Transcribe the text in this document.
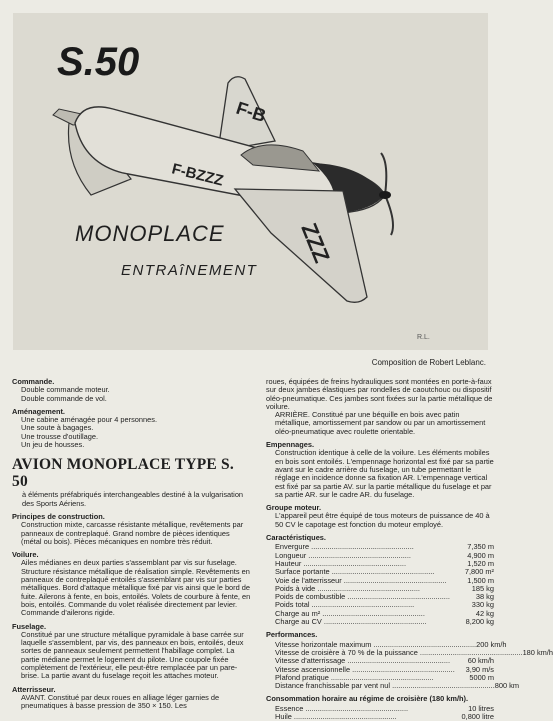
S.50
F-B
F-BZZZ
ZZZ
MONOPLACE
ENTRAîNEMENT
R.L.
Composition de Robert Leblanc.
Commande.
Double commande moteur.
Double commande de vol.
Aménagement.
Une cabine aménagée pour 4 personnes.
Une soute à bagages.
Une trousse d'outillage.
Un jeu de housses.
AVION MONOPLACE TYPE S. 50
à éléments préfabriqués interchangeables destiné à la vulgarisation des Sports Aériens.
Principes de construction.
Construction mixte, carcasse résistante métallique, revêtements par panneaux de contreplaqué. Grand nombre de pièces identiques (métal ou bois). Pièces mécaniques en nombre très réduit.
Voilure.
Ailes médianes en deux parties s'assemblant par vis sur fuselage. Structure résistance métallique de réalisation simple. Revêtements en panneaux de contreplaqué entoilés s'assemblant par vis sur parties métalliques. Bord d'attaque métallique fixé par vis ainsi que le bord de fuite. Ailerons à fente, en bois, entoilés. Volets de courbure à fente, en bois, entoilés. Commande du volet réalisée directement par levier. Commande d'ailerons rigide.
Fuselage.
Constitué par une structure métallique pyramidale à base carrée sur laquelle s'assemblent, par vis, des panneaux en bois, entoilés, deux sortes de panneaux seulement permettent l'habillage complet. La partie médiane permet le logement du pilote. Une coupole fixée complètement de l'extérieur, elle peut-être remplacée par un pare-brise. La partie avant du fuselage reçoit les attaches moteur.
Atterrisseur.
AVANT. Constitué par deux roues en alliage léger garnies de pneumatiques à basse pression de 350 × 150. Les
roues, équipées de freins hydrauliques sont montées en porte-à-faux sur deux jambes élastiques par rondelles de caoutchouc ou dispositif oléo-pneumatique. Ces jambes sont fixées sur la partie métallique de voilure.
ARRIÈRE. Constitué par une béquille en bois avec patin métallique, amortissement par sandow ou par un amortissement oléo-pneumatique avec roulette orientable.
Empennages.
Construction identique à celle de la voilure. Les éléments mobiles en bois sont entoilés. L'empennage horizontal est fixé par sa partie avant sur le cadre arrière du fuselage, un tube permettant le réglage en incidence donne sa fixation AR. L'empennage vertical est fixé par sa partie AV. sur la partie métallique du fuselage et par sa partie AR. sur le cadre AR. du fuselage.
Groupe moteur.
L'appareil peut être équipé de tous moteurs de puissance de 40 à 50 CV le capotage est fonction du moteur employé.
Caractéristiques.
Envergure ..................................................	7,350 m
Longueur ..................................................	4,900 m
Hauteur ..................................................	1,520 m
Surface portante ..................................................	7,800 m²
Voie de l'atterrisseur ..................................................	1,500 m
Poids à vide ..................................................	185 kg
Poids de combustible ..................................................	38 kg
Poids total ..................................................	330 kg
Charge au m² ..................................................	42 kg
Charge au CV ..................................................	8,200 kg
Performances.
Vitesse horizontale maximum .................................................. 200 km/h
Vitesse de croisière à 70 % de la puissance .................................................. 180 km/h
Vitesse d'atterrissage .................................................. 60 km/h
Vitesse ascensionnelle .................................................. 3,90 m/s
Plafond pratique ..................................................	5000 m
Distance franchissable par vent nul .................................................. 800 km
Consommation horaire au régime de croisière (180 km/h).
Essence ..................................................	10 litres
Huile ..................................................	0,800 litre
